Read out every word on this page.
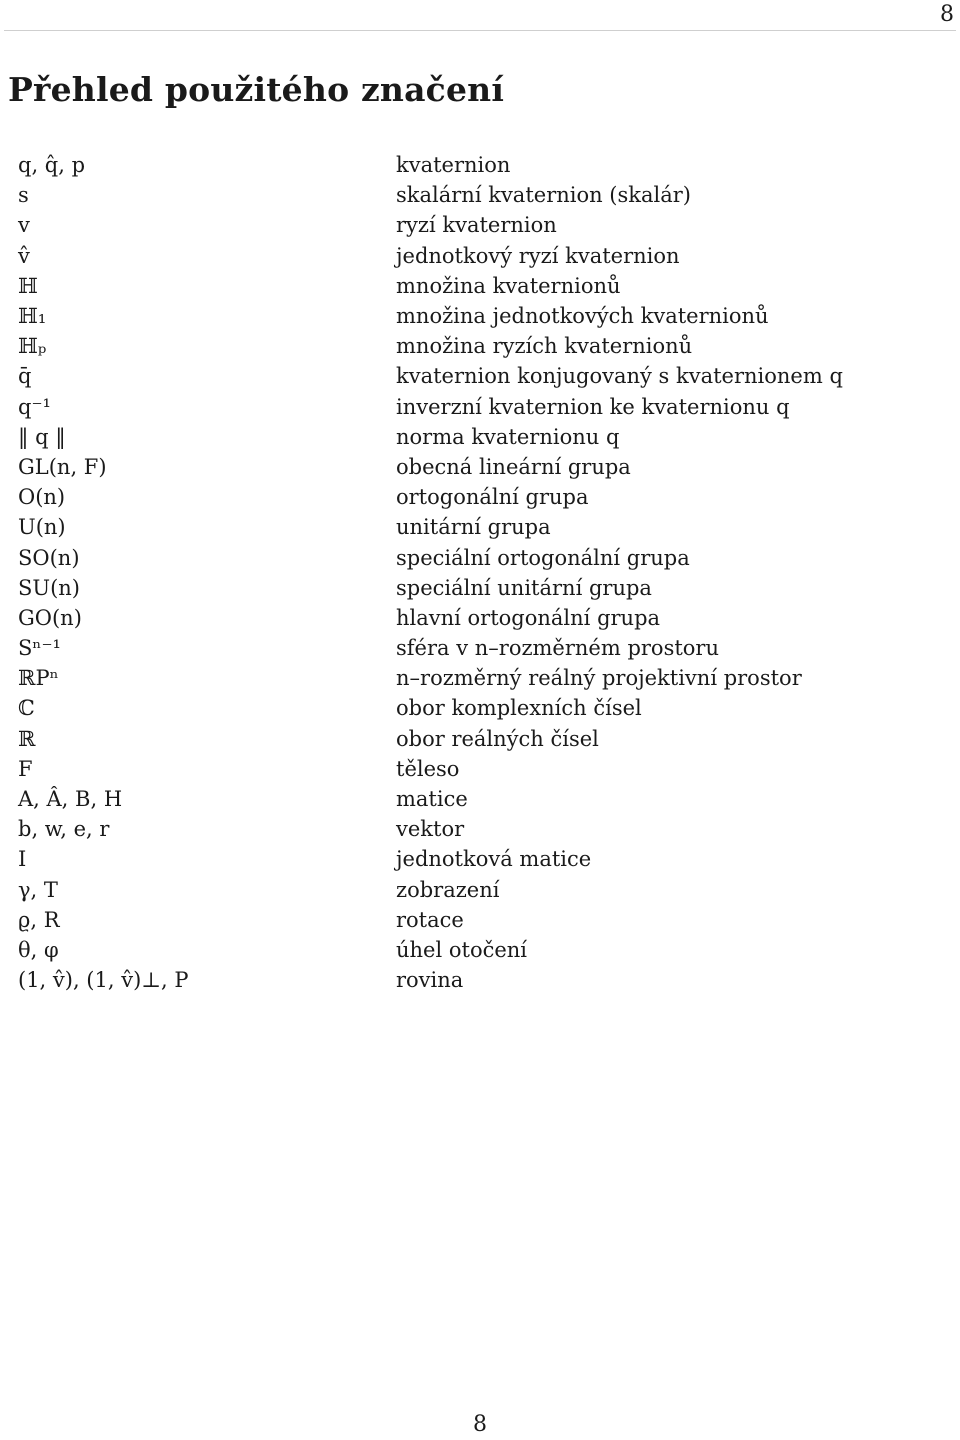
8
Přehled použitého značení
q, q̂, p	kvaternion
s	skalární kvaternion (skalár)
v	ryzí kvaternion
v̂	jednotkový ryzí kvaternion
ℍ	množina kvaternionů
ℍ₁	množina jednotkových kvaternionů
ℍₚ	množina ryzích kvaternionů
q̄	kvaternion konjugovaný s kvaternionem q
q⁻¹	inverzní kvaternion ke kvaternionu q
‖ q ‖	norma kvaternionu q
GL(n, F)	obecná lineární grupa
O(n)	ortogonální grupa
U(n)	unitární grupa
SO(n)	speciální ortogonální grupa
SU(n)	speciální unitární grupa
GO(n)	hlavní ortogonální grupa
Sⁿ⁻¹	sféra v n–rozměrném prostoru
ℝPⁿ	n–rozměrný reálný projektivní prostor
ℂ	obor komplexních čísel
ℝ	obor reálných čísel
F	těleso
A, Â, B, H	matice
b, w, e, r	vektor
I	jednotková matice
γ, T	zobrazení
ϱ, R	rotace
θ, φ	úhel otočení
(1, v̂), (1, v̂)⊥, P	rovina
8
